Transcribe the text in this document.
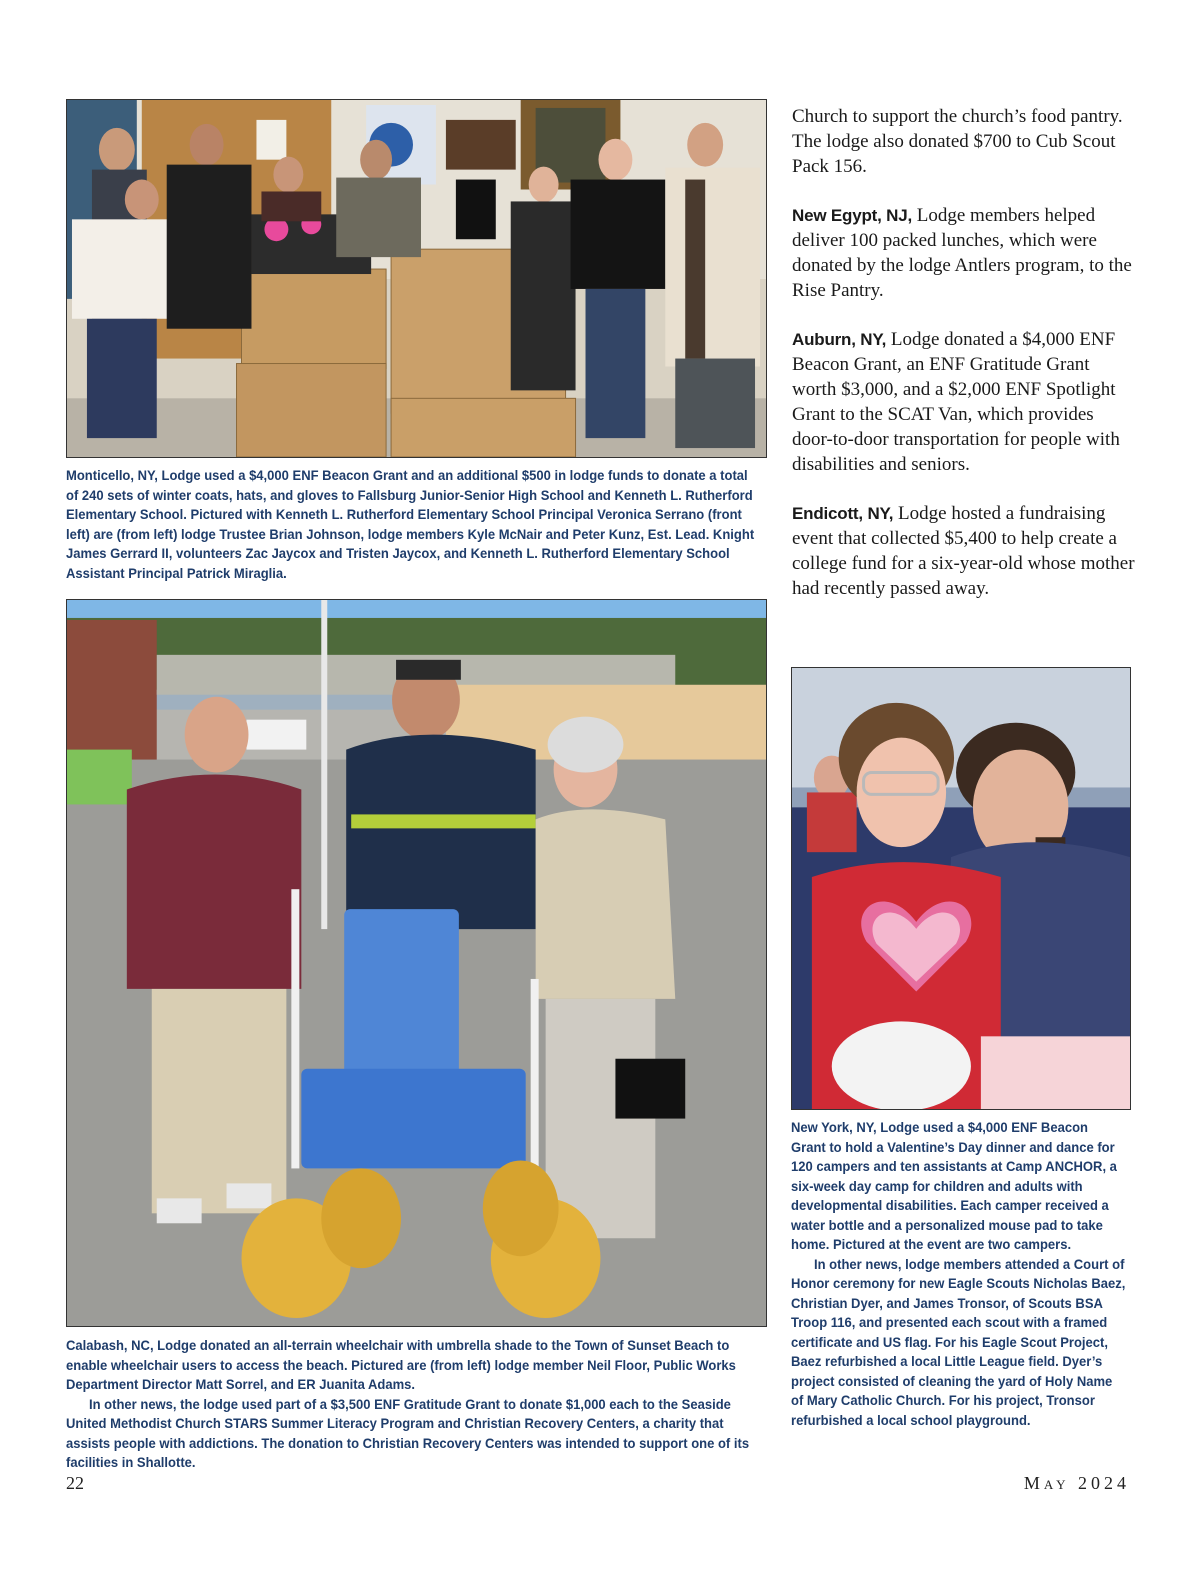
Monticello, NY, Lodge used a $4,000 ENF Beacon Grant and an additional $500 in lodge funds to donate a total of 240 sets of winter coats, hats, and gloves to Fallsburg Junior-Senior High School and Kenneth L. Rutherford Elementary School. Pictured with Kenneth L. Rutherford Elementary School Principal Veronica Serrano (front left) are (from left) lodge Trustee Brian Johnson, lodge members Kyle McNair and Peter Kunz, Est. Lead. Knight James Gerrard II, volunteers Zac Jaycox and Tristen Jaycox, and Kenneth L. Rutherford Elementary School Assistant Principal Patrick Miraglia.

Calabash, NC, Lodge donated an all-terrain wheelchair with umbrella shade to the Town of Sunset Beach to enable wheelchair users to access the beach. Pictured are (from left) lodge member Neil Floor, Public Works Department Director Matt Sorrel, and ER Juanita Adams.

In other news, the lodge used part of a $3,500 ENF Gratitude Grant to donate $1,000 each to the Seaside United Methodist Church STARS Summer Literacy Program and Christian Recovery Centers, a charity that assists people with addictions. The donation to Christian Recovery Centers was intended to support one of its facilities in Shallotte.

Church to support the church’s food pantry. The lodge also donated $700 to Cub Scout Pack 156.

New Egypt, NJ, Lodge members helped deliver 100 packed lunches, which were donated by the lodge Antlers program, to the Rise Pantry.

Auburn, NY, Lodge donated a $4,000 ENF Beacon Grant, an ENF Gratitude Grant worth $3,000, and a $2,000 ENF Spotlight Grant to the SCAT Van, which provides door-to-door transportation for people with disabilities and seniors.

Endicott, NY, Lodge hosted a fundraising event that collected $5,400 to help create a college fund for a six-year-old whose mother had recently passed away.

New York, NY, Lodge used a $4,000 ENF Beacon Grant to hold a Valentine’s Day dinner and dance for 120 campers and ten assistants at Camp ANCHOR, a six-week day camp for children and adults with developmental disabilities. Each camper received a water bottle and a personalized mouse pad to take home. Pictured at the event are two campers.

In other news, lodge members attended a Court of Honor ceremony for new Eagle Scouts Nicholas Baez, Christian Dyer, and James Tronsor, of Scouts BSA Troop 116, and presented each scout with a framed certificate and US flag. For his Eagle Scout Project, Baez refurbished a local Little League field. Dyer’s project consisted of cleaning the yard of Holy Name of Mary Catholic Church. For his project, Tronsor refurbished a local school playground.

22	May 2024
